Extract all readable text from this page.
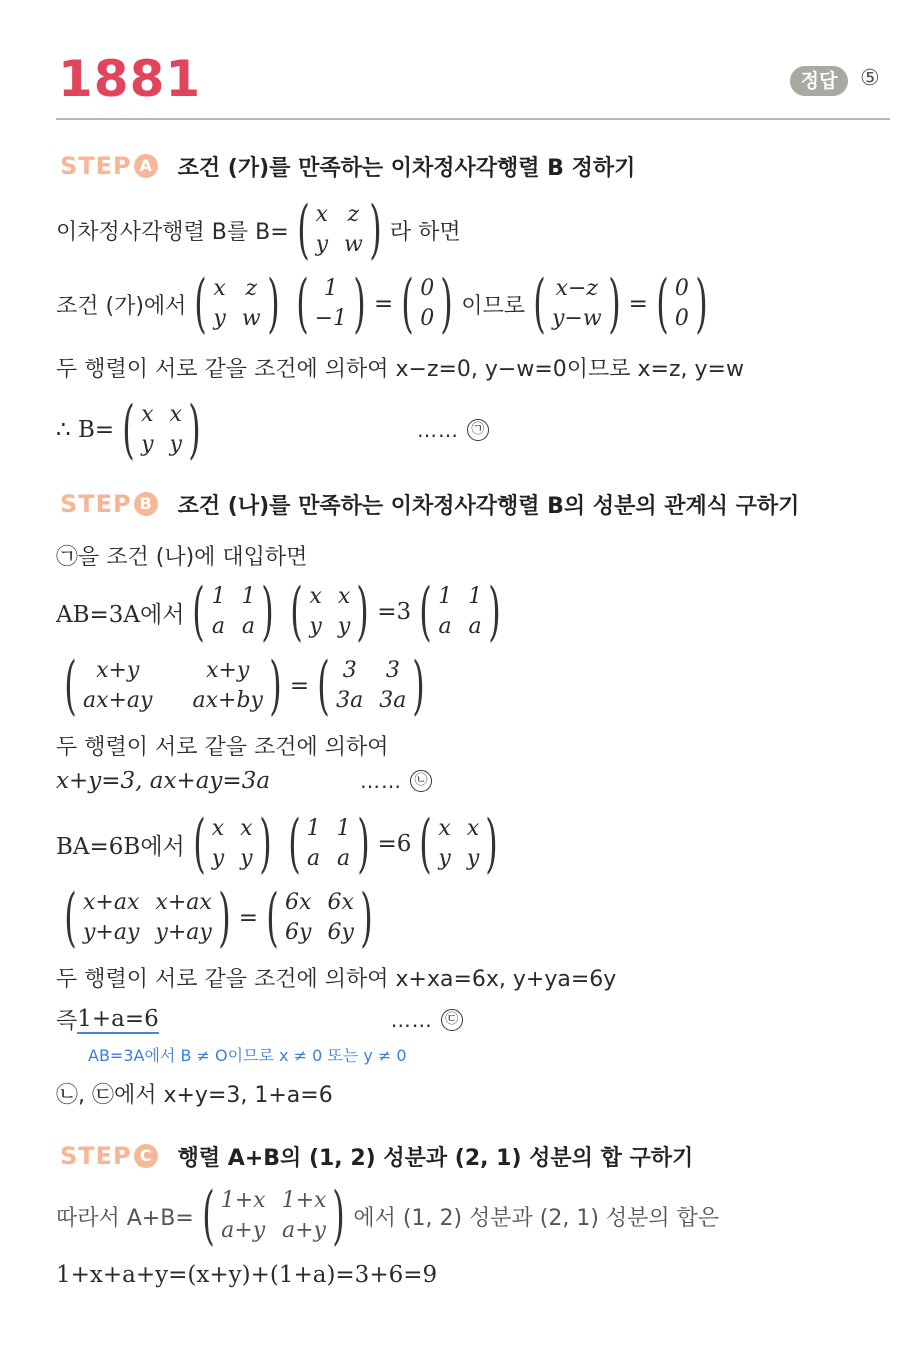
1881	정답	⑤
STEP A 조건 (가)를 만족하는 이차정사각행렬 B 정하기
이차정사각행렬 B를 B= ( x z
y w ) 라 하면
조건 (가)에서 ( x z
y w ) ( 1
−1 ) = ( 0
0 ) 이므로 ( x−z
y−w ) = ( 0
0 )
두 행렬이 서로 같을 조건에 의하여 x−z=0, y−w=0이므로 x=z, y=w
∴ B= ( x x
y y )	…… ㉠
STEP B 조건 (나)를 만족하는 이차정사각행렬 B의 성분의 관계식 구하기
㉠을 조건 (나)에 대입하면
AB=3A에서 ( 1 1
a a ) ( x x
y y ) =3 ( 1 1
a a )
( x+y	x+y
ax+ay ax+by ) = ( 3 3
3a 3a )
두 행렬이 서로 같을 조건에 의하여
x+y=3, ax+ay=3a	…… ㉡
BA=6B에서 ( x x
y y ) ( 1 1
a a ) =6 ( x x
y y )
( x+ax x+ax
y+ay y+ay ) = ( 6x 6x
6y 6y )
두 행렬이 서로 같을 조건에 의하여 x+xa=6x, y+ya=6y
즉 1+a=6	…… ㉢
AB=3A에서 B ≠ O이므로 x ≠ 0 또는 y ≠ 0
㉡, ㉢에서 x+y=3, 1+a=6
STEP C 행렬 A+B의 (1, 2) 성분과 (2, 1) 성분의 합 구하기
따라서 A+B= ( 1+x 1+x
a+y a+y ) 에서 (1, 2) 성분과 (2, 1) 성분의 합은
1+x+a+y=(x+y)+(1+a)=3+6=9
